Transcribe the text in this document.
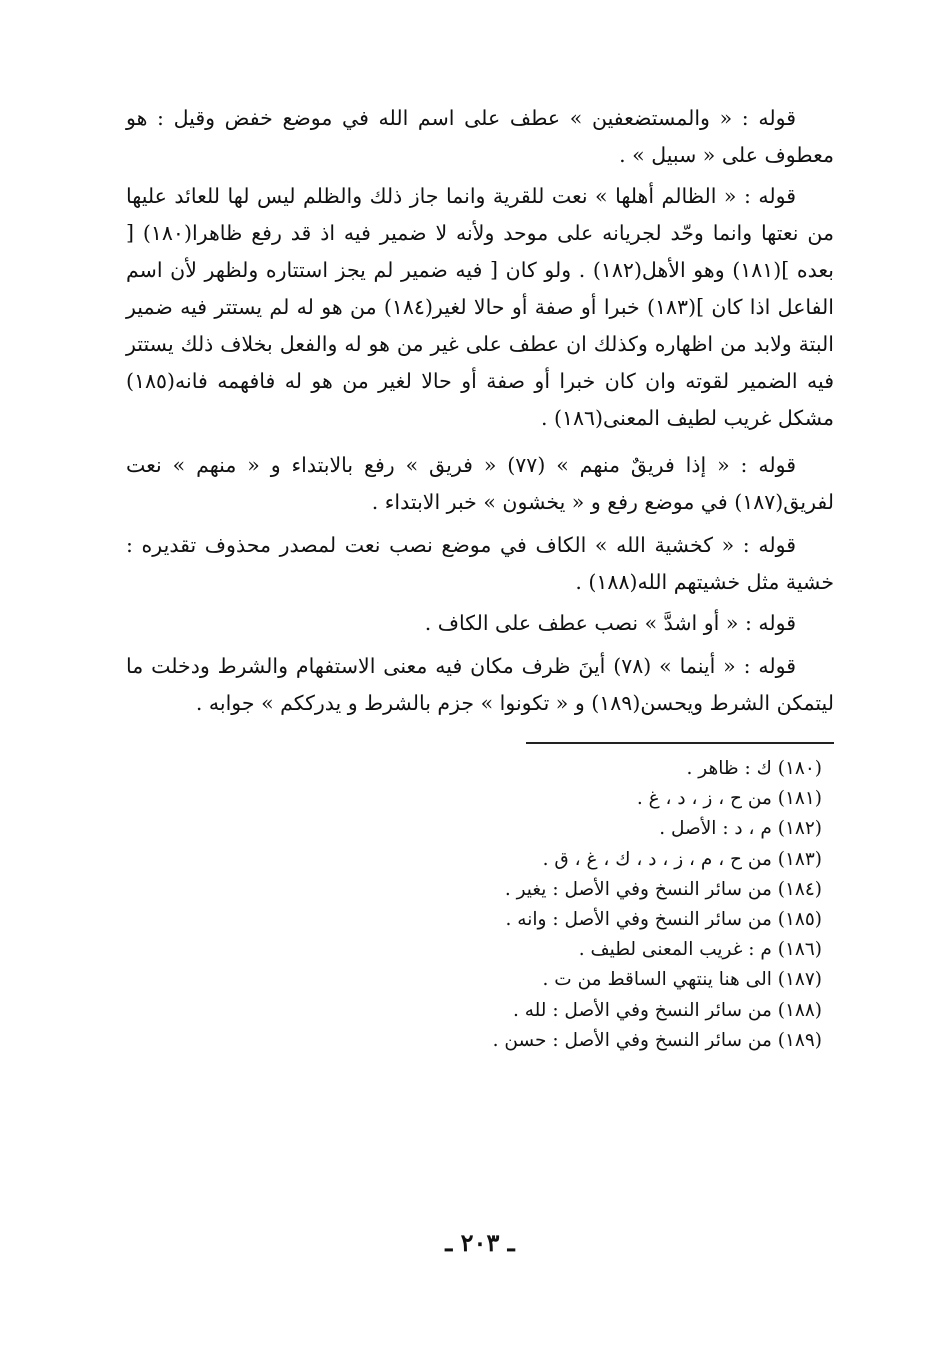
قوله : « والمستضعفين » عطف على اسم الله في موضع خفض وقيل : هو معطوف على « سبيل » .

قوله : « الظالم أهلها » نعت للقرية وانما جاز ذلك والظلم ليس لها للعائد عليها من نعتها وانما وحّد لجريانه على موحد ولأنه لا ضمير فيه اذ قد رفع ظاهرا(١٨٠) [ بعده ](١٨١) وهو الأهل(١٨٢) . ولو كان [ فيه ضمير لم يجز استتاره ولظهر لأن اسم الفاعل اذا كان ](١٨٣) خبرا أو صفة أو حالا لغير(١٨٤) من هو له لم يستتر فيه ضمير البتة ولابد من اظهاره وكذلك ان عطف على غير من هو له والفعل بخلاف ذلك يستتر فيه الضمير لقوته وان كان خبرا أو صفة أو حالا لغير من هو له فافهمه فانه(١٨٥) مشكل غريب لطيف المعنى(١٨٦) .

قوله : « إذا فريقٌ منهم » (٧٧) « فريق » رفع بالابتداء و « منهم » نعت لفريق(١٨٧) في موضع رفع و « يخشون » خبر الابتداء .

قوله : « كخشية الله » الكاف في موضع نصب نعت لمصدر محذوف تقديره : خشية مثل خشيتهم الله(١٨٨) .

قوله : « أو اشدَّ » نصب عطف على الكاف .

قوله : « أينما » (٧٨) أينَ ظرف مكان فيه معنى الاستفهام والشرط ودخلت ما ليتمكن الشرط ويحسن(١٨٩) و « تكونوا » جزم بالشرط و يدرككم » جوابه .

(١٨٠) ك : ظاهر .
(١٨١) من ح ، ز ، د ، غ .
(١٨٢) م ، د : الأصل .
(١٨٣) من ح ، م ، ز ، د ، ك ، غ ، ق .
(١٨٤) من سائر النسخ وفي الأصل : يغير .
(١٨٥) من سائر النسخ وفي الأصل : وانه .
(١٨٦) م : غريب المعنى لطيف .
(١٨٧) الى هنا ينتهي الساقط من ت .
(١٨٨) من سائر النسخ وفي الأصل : لله .
(١٨٩) من سائر النسخ وفي الأصل : حسن .
ـ ٢٠٣ ـ
